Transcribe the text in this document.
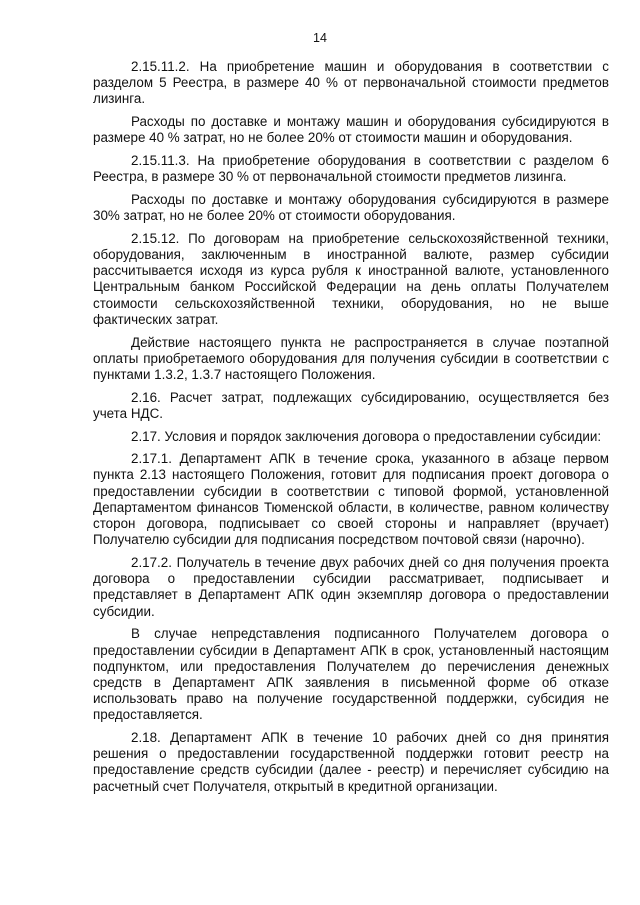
14

2.15.11.2. На приобретение машин и оборудования в соответствии с разделом 5 Реестра, в размере 40 % от первоначальной стоимости предметов лизинга.

Расходы по доставке и монтажу машин и оборудования субсидируются в размере 40 % затрат, но не более 20% от стоимости машин и оборудования.

2.15.11.3. На приобретение оборудования в соответствии с разделом 6 Реестра, в размере 30 % от первоначальной стоимости предметов лизинга.

Расходы по доставке и монтажу оборудования субсидируются в размере 30% затрат, но не более 20% от стоимости оборудования.

2.15.12. По договорам на приобретение сельскохозяйственной техники, оборудования, заключенным в иностранной валюте, размер субсидии рассчитывается исходя из курса рубля к иностранной валюте, установленного Центральным банком Российской Федерации на день оплаты Получателем стоимости сельскохозяйственной техники, оборудования, но не выше фактических затрат.

Действие настоящего пункта не распространяется в случае поэтапной оплаты приобретаемого оборудования для получения субсидии в соответствии с пунктами 1.3.2, 1.3.7 настоящего Положения.

2.16. Расчет затрат, подлежащих субсидированию, осуществляется без учета НДС.

2.17. Условия и порядок заключения договора о предоставлении субсидии:

2.17.1. Департамент АПК в течение срока, указанного в абзаце первом пункта 2.13 настоящего Положения, готовит для подписания проект договора о предоставлении субсидии в соответствии с типовой формой, установленной Департаментом финансов Тюменской области, в количестве, равном количеству сторон договора, подписывает со своей стороны и направляет (вручает) Получателю субсидии для подписания посредством почтовой связи (нарочно).

2.17.2. Получатель в течение двух рабочих дней со дня получения проекта договора о предоставлении субсидии рассматривает, подписывает и представляет в Департамент АПК один экземпляр договора о предоставлении субсидии.

В случае непредставления подписанного Получателем договора о предоставлении субсидии в Департамент АПК в срок, установленный настоящим подпунктом, или предоставления Получателем до перечисления денежных средств в Департамент АПК заявления в письменной форме об отказе использовать право на получение государственной поддержки, субсидия не предоставляется.

2.18. Департамент АПК в течение 10 рабочих дней со дня принятия решения о предоставлении государственной поддержки готовит реестр на предоставление средств субсидии (далее - реестр) и перечисляет субсидию на расчетный счет Получателя, открытый в кредитной организации.
